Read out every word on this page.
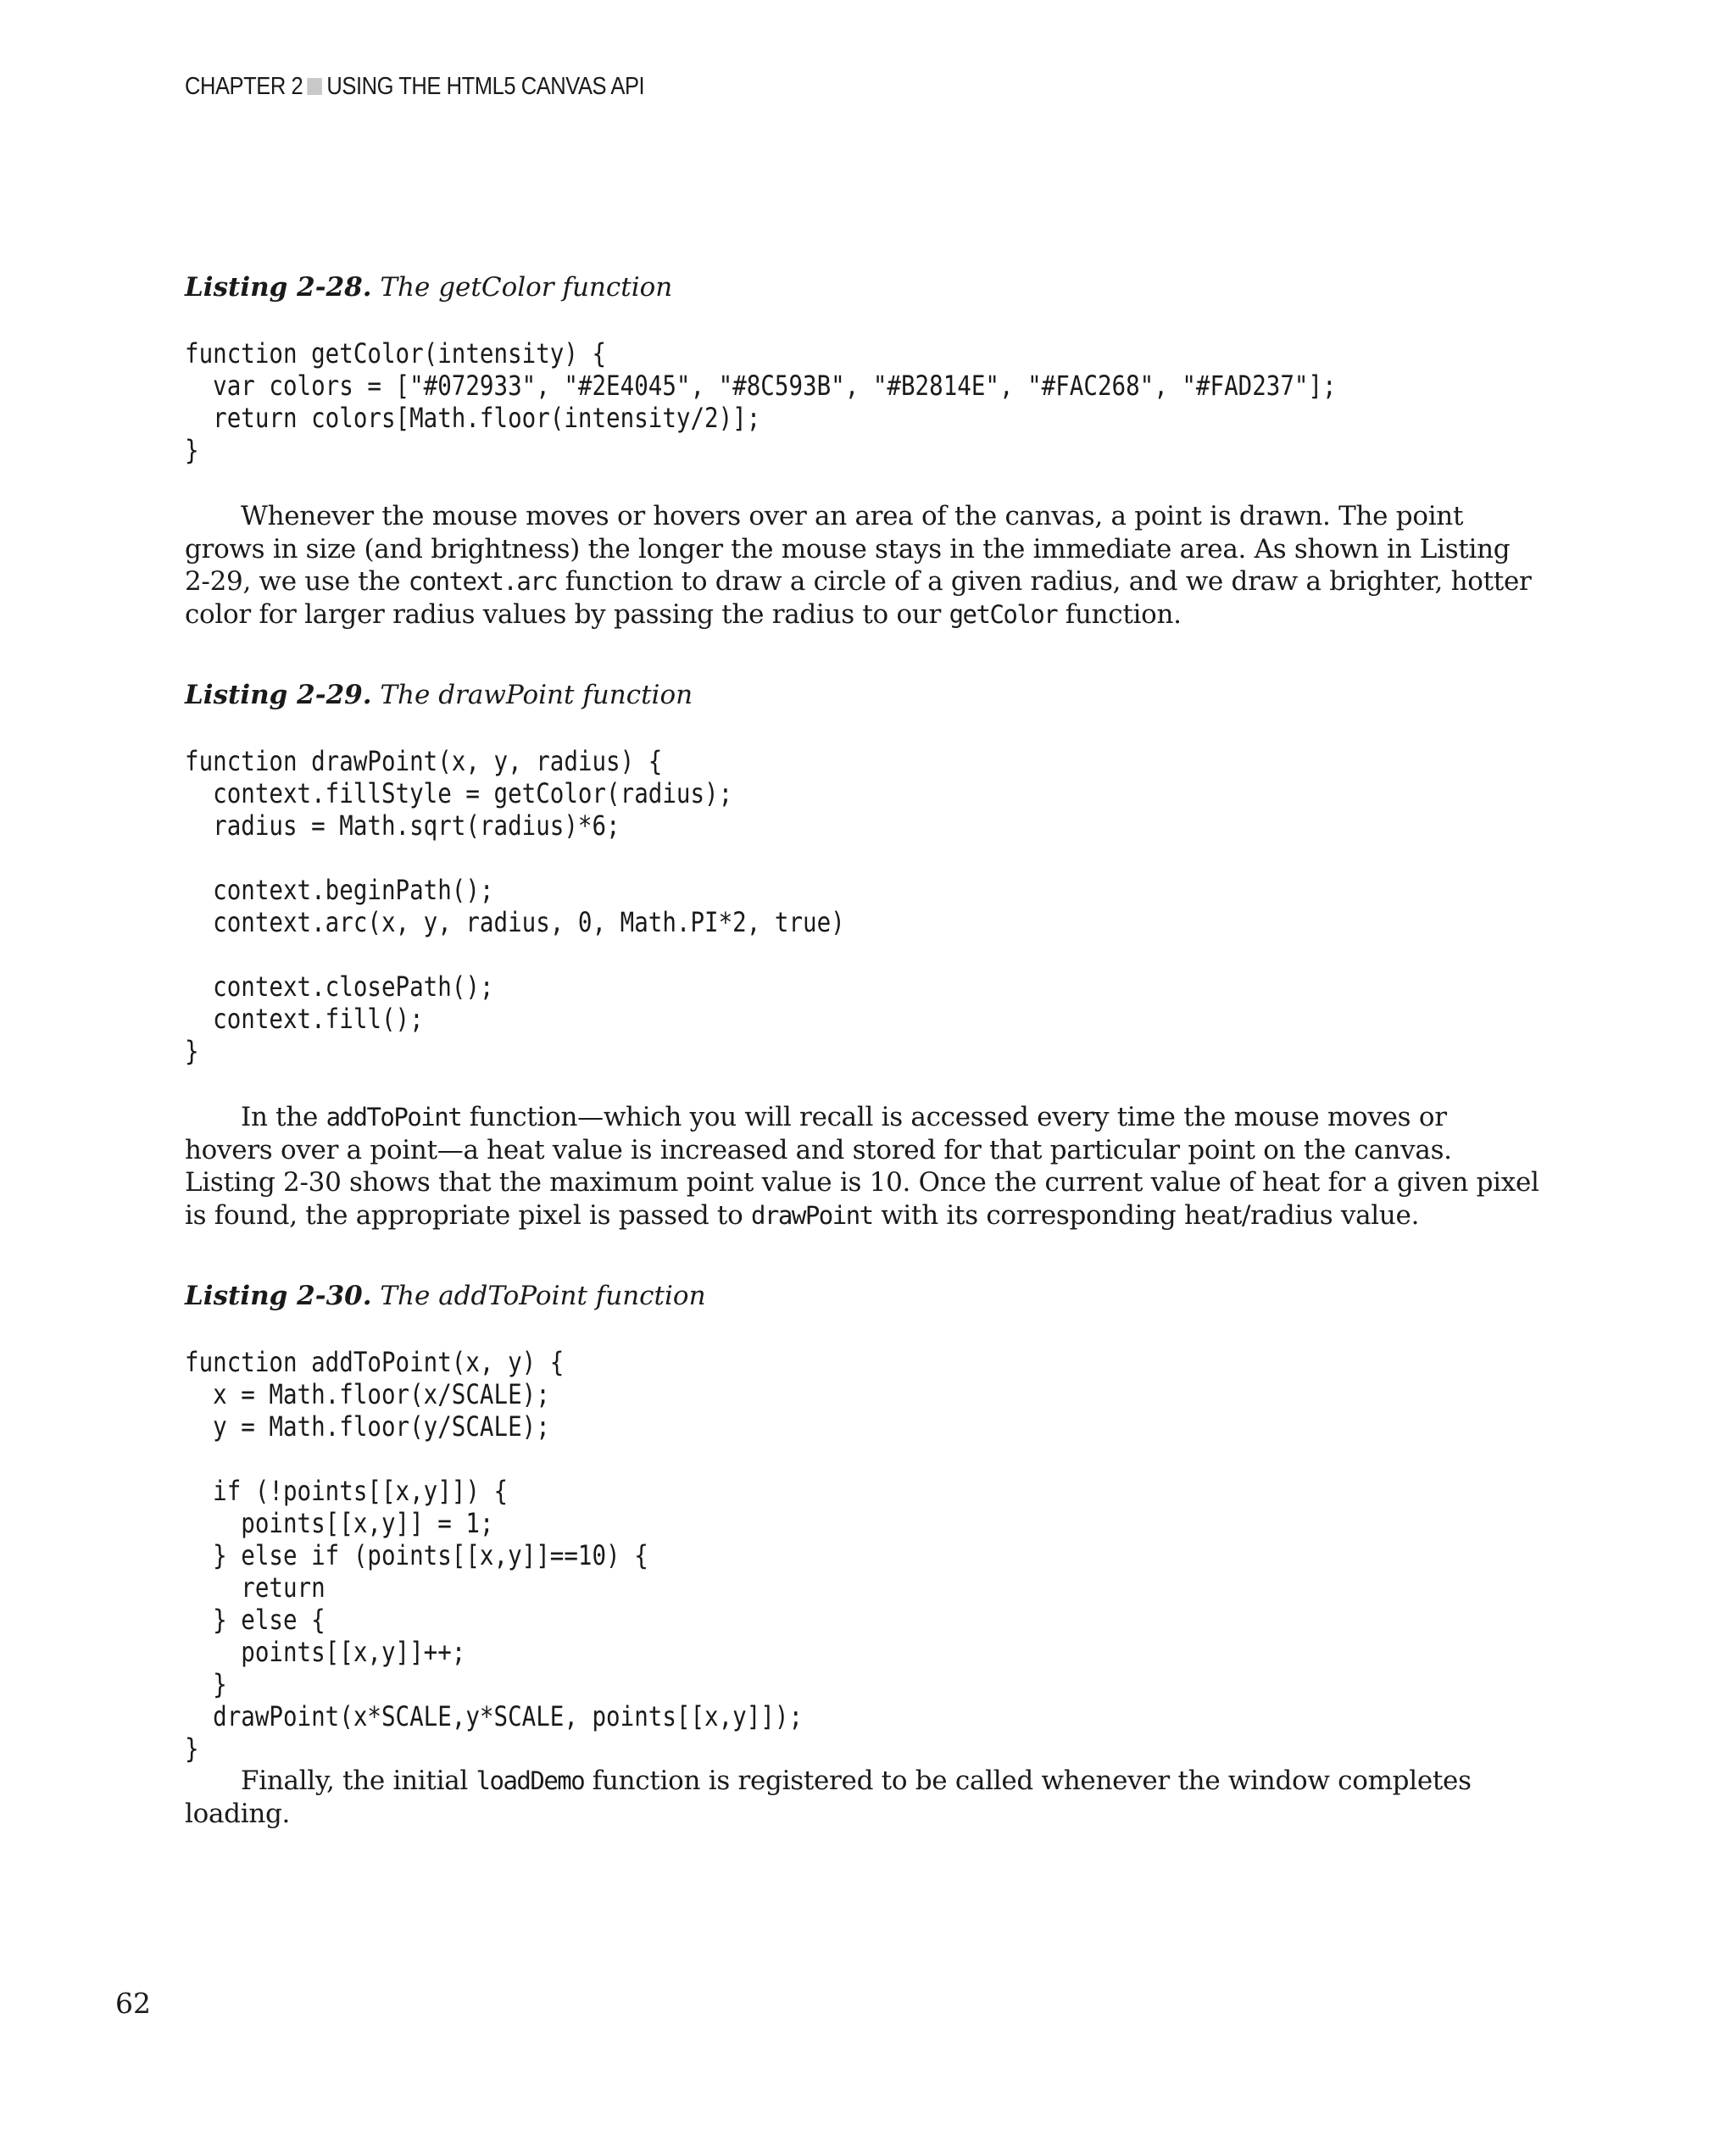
CHAPTER 2 USING THE HTML5 CANVAS API

Listing 2-28. The getColor function

function getColor(intensity) {
var colors = ["#072933", "#2E4045", "#8C593B", "#B2814E", "#FAC268", "#FAD237"];
return colors[Math.floor(intensity/2)];
}

Whenever the mouse moves or hovers over an area of the canvas, a point is drawn. The point grows in size (and brightness) the longer the mouse stays in the immediate area. As shown in Listing 2-29, we use the context.arc function to draw a circle of a given radius, and we draw a brighter, hotter color for larger radius values by passing the radius to our getColor function.

Listing 2-29. The drawPoint function

function drawPoint(x, y, radius) {
context.fillStyle = getColor(radius);
radius = Math.sqrt(radius)*6;

context.beginPath();
context.arc(x, y, radius, 0, Math.PI*2, true)

context.closePath();
context.fill();
}

In the addToPoint function—which you will recall is accessed every time the mouse moves or hovers over a point—a heat value is increased and stored for that particular point on the canvas. Listing 2-30 shows that the maximum point value is 10. Once the current value of heat for a given pixel is found, the appropriate pixel is passed to drawPoint with its corresponding heat/radius value.

Listing 2-30. The addToPoint function

function addToPoint(x, y) {
x = Math.floor(x/SCALE);
y = Math.floor(y/SCALE);

if (!points[[x,y]]) {
points[[x,y]] = 1;
} else if (points[[x,y]]==10) {
return
} else {
points[[x,y]]++;
}
drawPoint(x*SCALE,y*SCALE, points[[x,y]]);
}

Finally, the initial loadDemo function is registered to be called whenever the window completes loading.

62
